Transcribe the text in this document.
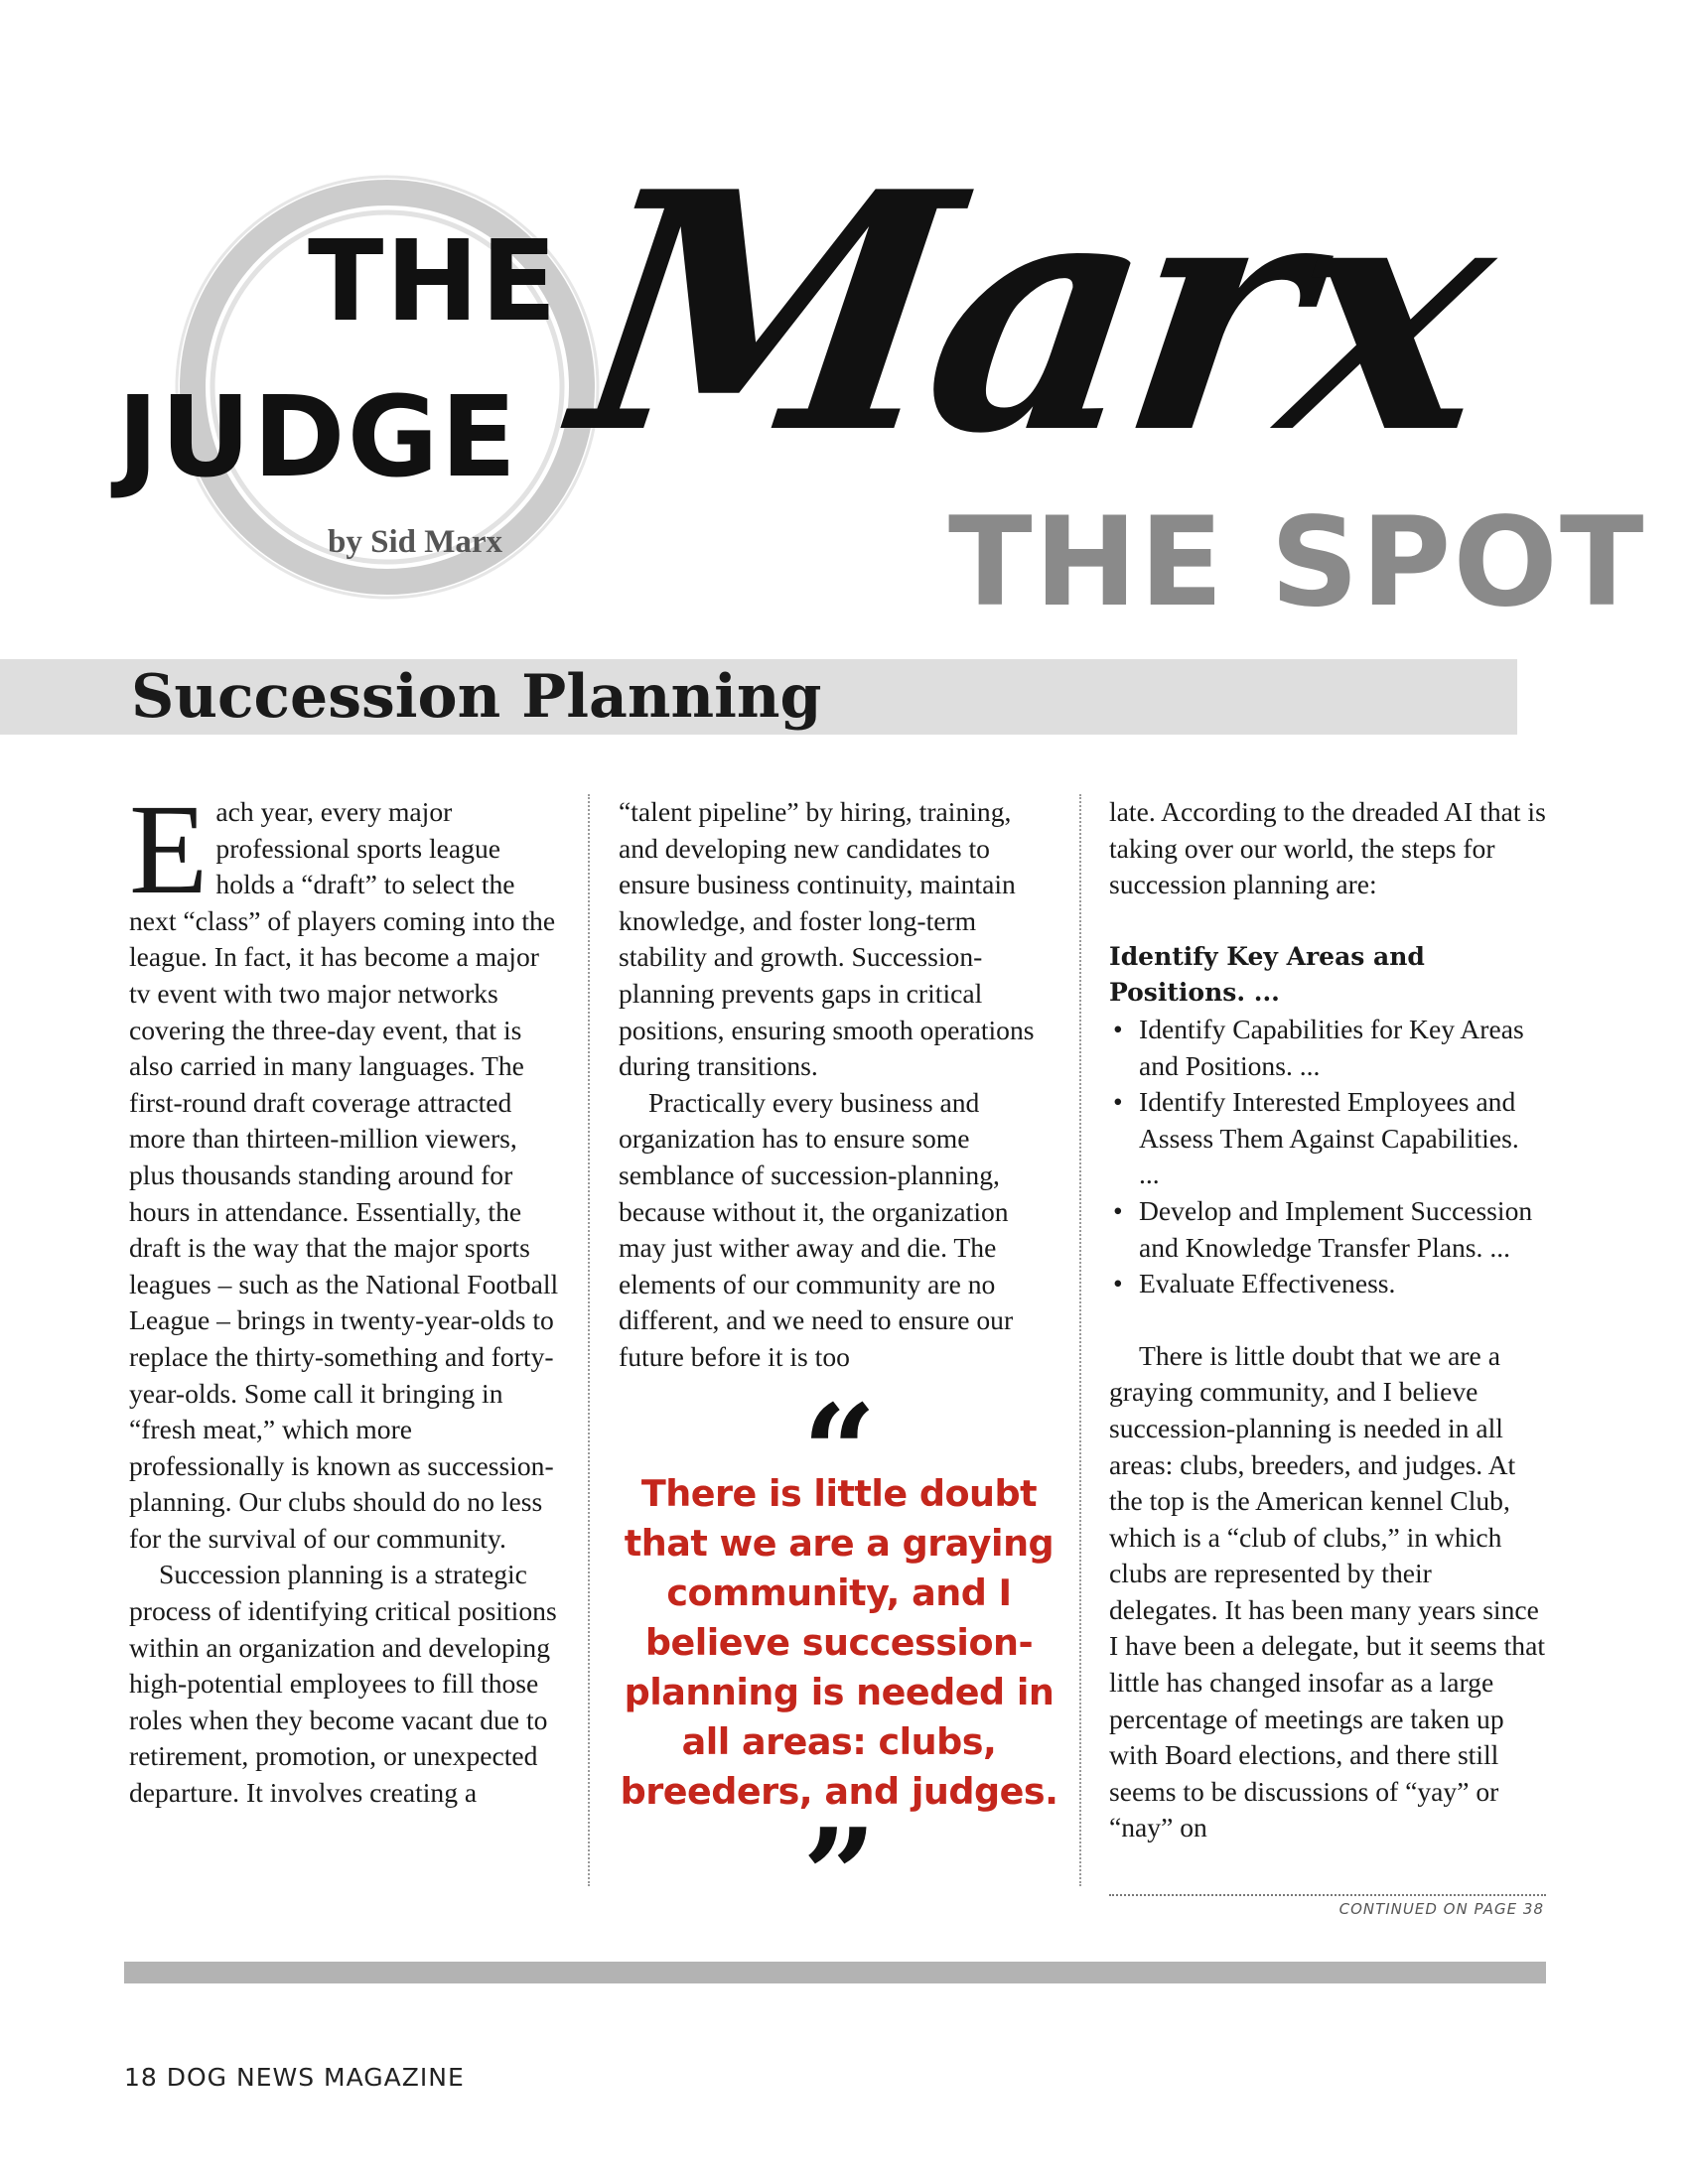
THE
JUDGE
by Sid Marx
Marx
THE SPOT
Succession Planning

Each year, every major professional sports league holds a “draft” to select the next “class” of players coming into the league. In fact, it has become a major tv event with two major networks covering the three-day event, that is also carried in many languages. The first-round draft coverage attracted more than thirteen-million viewers, plus thousands standing around for hours in attendance. Essentially, the draft is the way that the major sports leagues – such as the National Football League – brings in twenty-year-olds to replace the thirty-something and forty-year-olds. Some call it bringing in “fresh meat,” which more professionally is known as succession-planning. Our clubs should do no less for the survival of our community.

Succession planning is a strategic process of identifying critical positions within an organization and developing high-potential employees to fill those roles when they become vacant due to retirement, promotion, or unexpected departure. It involves creating a

“talent pipeline” by hiring, training, and developing new candidates to ensure business continuity, maintain knowledge, and foster long-term stability and growth. Succession-planning prevents gaps in critical positions, ensuring smooth operations during transitions.

Practically every business and organization has to ensure some semblance of succession-planning, because without it, the organization may just wither away and die. The elements of our community are no different, and we need to ensure our future before it is too

“
There is little doubt that we are a graying community, and I believe succession-planning is needed in all areas: clubs, breeders, and judges.
”

late. According to the dreaded AI that is taking over our world, the steps for succession planning are:

Identify Key Areas and Positions. ...

• Identify Capabilities for Key Areas and Positions. ...
• Identify Interested Employees and Assess Them Against Capabilities. ...
• Develop and Implement Succession and Knowledge Transfer Plans. ...
• Evaluate Effectiveness.

There is little doubt that we are a graying community, and I believe succession-planning is needed in all areas: clubs, breeders, and judges. At the top is the American kennel Club, which is a “club of clubs,” in which clubs are represented by their delegates. It has been many years since I have been a delegate, but it seems that little has changed insofar as a large percentage of meetings are taken up with Board elections, and there still seems to be discussions of “yay” or “nay” on

CONTINUED ON PAGE 38
18 DOG NEWS MAGAZINE
